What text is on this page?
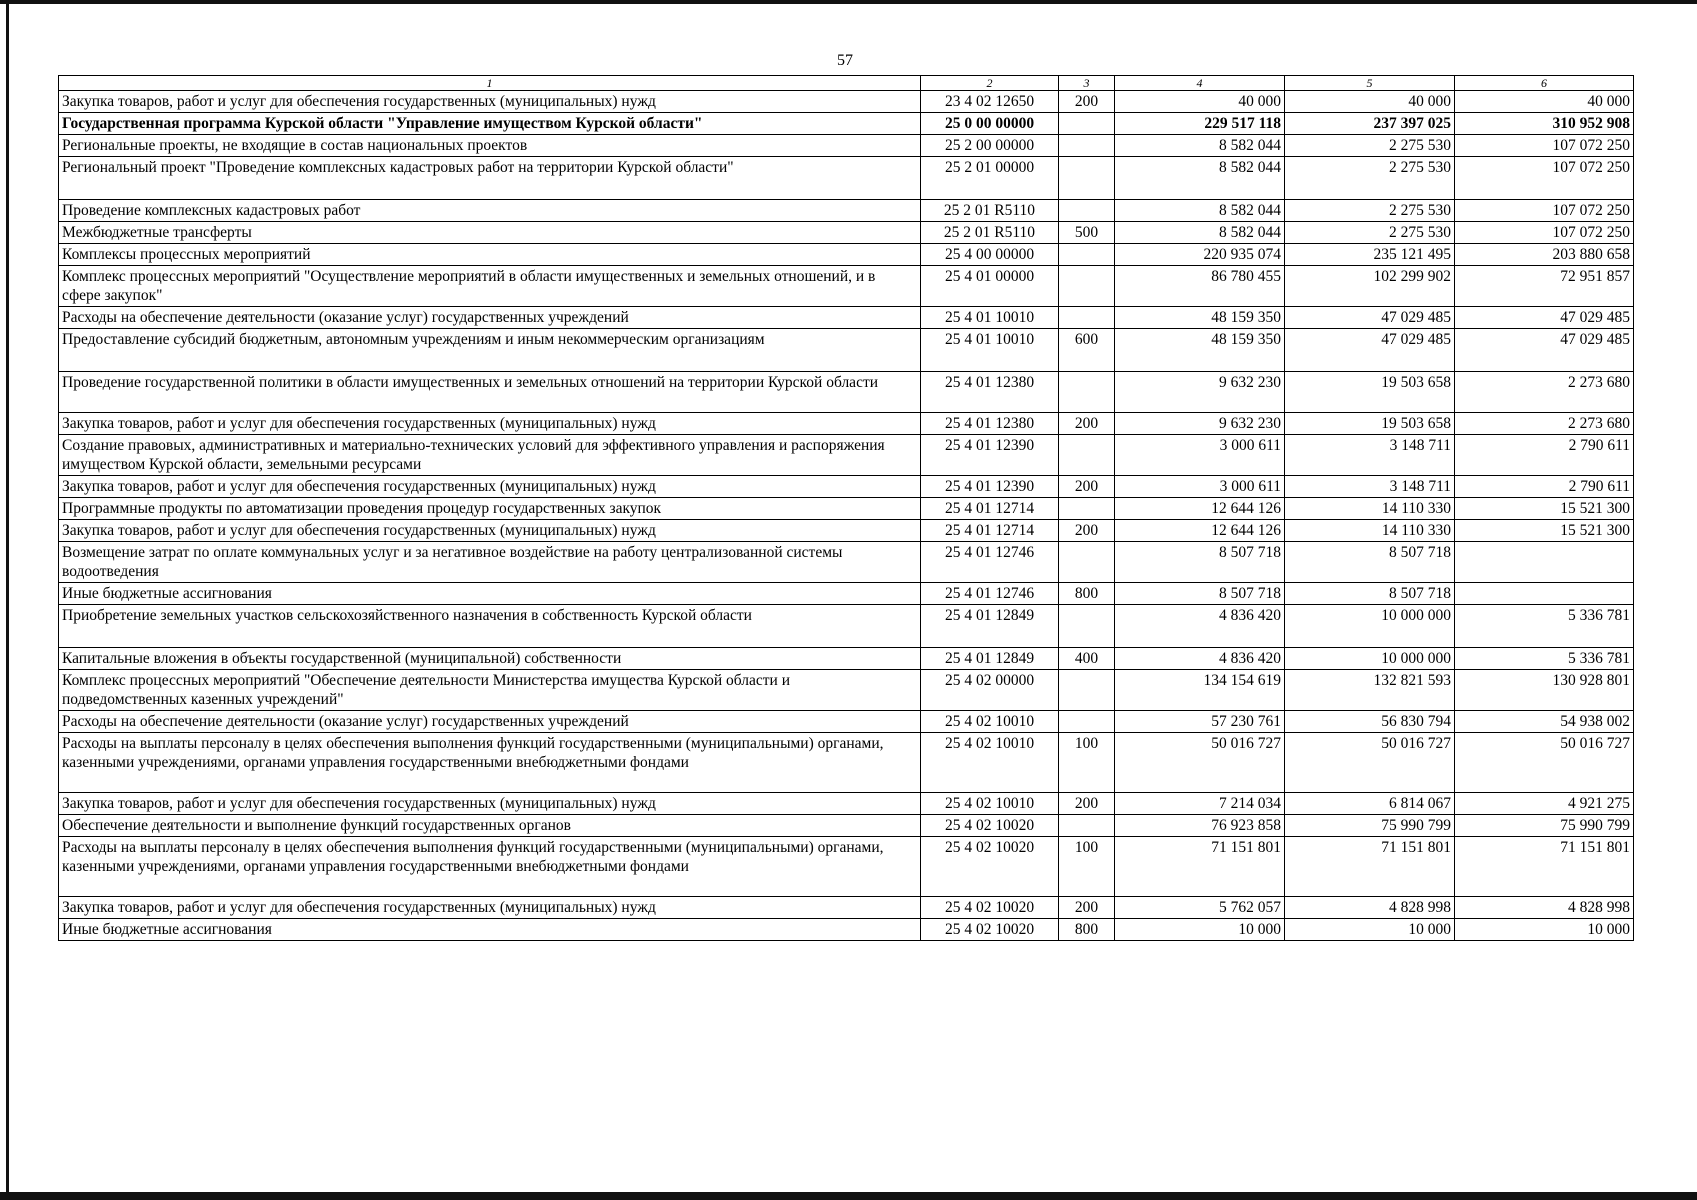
57
1	2	3	4	5	6
Закупка товаров, работ и услуг для обеспечения государственных (муниципальных) нужд	23 4 02 12650	200	40 000	40 000	40 000
Государственная программа Курской области "Управление имуществом Курской области"	25 0 00 00000		229 517 118	237 397 025	310 952 908
Региональные проекты, не входящие в состав национальных проектов	25 2 00 00000		8 582 044	2 275 530	107 072 250
Региональный проект "Проведение комплексных кадастровых работ на территории Курской области"	25 2 01 00000		8 582 044	2 275 530	107 072 250
Проведение комплексных кадастровых работ	25 2 01 R5110		8 582 044	2 275 530	107 072 250
Межбюджетные трансферты	25 2 01 R5110	500	8 582 044	2 275 530	107 072 250
Комплексы процессных мероприятий	25 4 00 00000		220 935 074	235 121 495	203 880 658
Комплекс процессных мероприятий "Осуществление мероприятий в области имущественных и земельных отношений, и в сфере закупок"	25 4 01 00000		86 780 455	102 299 902	72 951 857
Расходы на обеспечение деятельности (оказание услуг) государственных учреждений	25 4 01 10010		48 159 350	47 029 485	47 029 485
Предоставление субсидий бюджетным, автономным учреждениям и иным некоммерческим организациям	25 4 01 10010	600	48 159 350	47 029 485	47 029 485
Проведение государственной политики в области имущественных и земельных отношений на территории Курской области	25 4 01 12380		9 632 230	19 503 658	2 273 680
Закупка товаров, работ и услуг для обеспечения государственных (муниципальных) нужд	25 4 01 12380	200	9 632 230	19 503 658	2 273 680
Создание правовых, административных и материально-технических условий для эффективного управления и распоряжения имуществом Курской области, земельными ресурсами	25 4 01 12390		3 000 611	3 148 711	2 790 611
Закупка товаров, работ и услуг для обеспечения государственных (муниципальных) нужд	25 4 01 12390	200	3 000 611	3 148 711	2 790 611
Программные продукты по автоматизации проведения процедур государственных закупок	25 4 01 12714		12 644 126	14 110 330	15 521 300
Закупка товаров, работ и услуг для обеспечения государственных (муниципальных) нужд	25 4 01 12714	200	12 644 126	14 110 330	15 521 300
Возмещение затрат по оплате коммунальных услуг и за негативное воздействие на работу централизованной системы водоотведения	25 4 01 12746		8 507 718	8 507 718	
Иные бюджетные ассигнования	25 4 01 12746	800	8 507 718	8 507 718	
Приобретение земельных участков сельскохозяйственного назначения в собственность Курской области	25 4 01 12849		4 836 420	10 000 000	5 336 781
Капитальные вложения в объекты государственной (муниципальной) собственности	25 4 01 12849	400	4 836 420	10 000 000	5 336 781
Комплекс процессных мероприятий "Обеспечение деятельности Министерства имущества Курской области и подведомственных казенных учреждений"	25 4 02 00000		134 154 619	132 821 593	130 928 801
Расходы на обеспечение деятельности (оказание услуг) государственных учреждений	25 4 02 10010		57 230 761	56 830 794	54 938 002
Расходы на выплаты персоналу в целях обеспечения выполнения функций государственными (муниципальными) органами, казенными учреждениями, органами управления государственными внебюджетными фондами	25 4 02 10010	100	50 016 727	50 016 727	50 016 727
Закупка товаров, работ и услуг для обеспечения государственных (муниципальных) нужд	25 4 02 10010	200	7 214 034	6 814 067	4 921 275
Обеспечение деятельности и выполнение функций государственных органов	25 4 02 10020		76 923 858	75 990 799	75 990 799
Расходы на выплаты персоналу в целях обеспечения выполнения функций государственными (муниципальными) органами, казенными учреждениями, органами управления государственными внебюджетными фондами	25 4 02 10020	100	71 151 801	71 151 801	71 151 801
Закупка товаров, работ и услуг для обеспечения государственных (муниципальных) нужд	25 4 02 10020	200	5 762 057	4 828 998	4 828 998
Иные бюджетные ассигнования	25 4 02 10020	800	10 000	10 000	10 000
